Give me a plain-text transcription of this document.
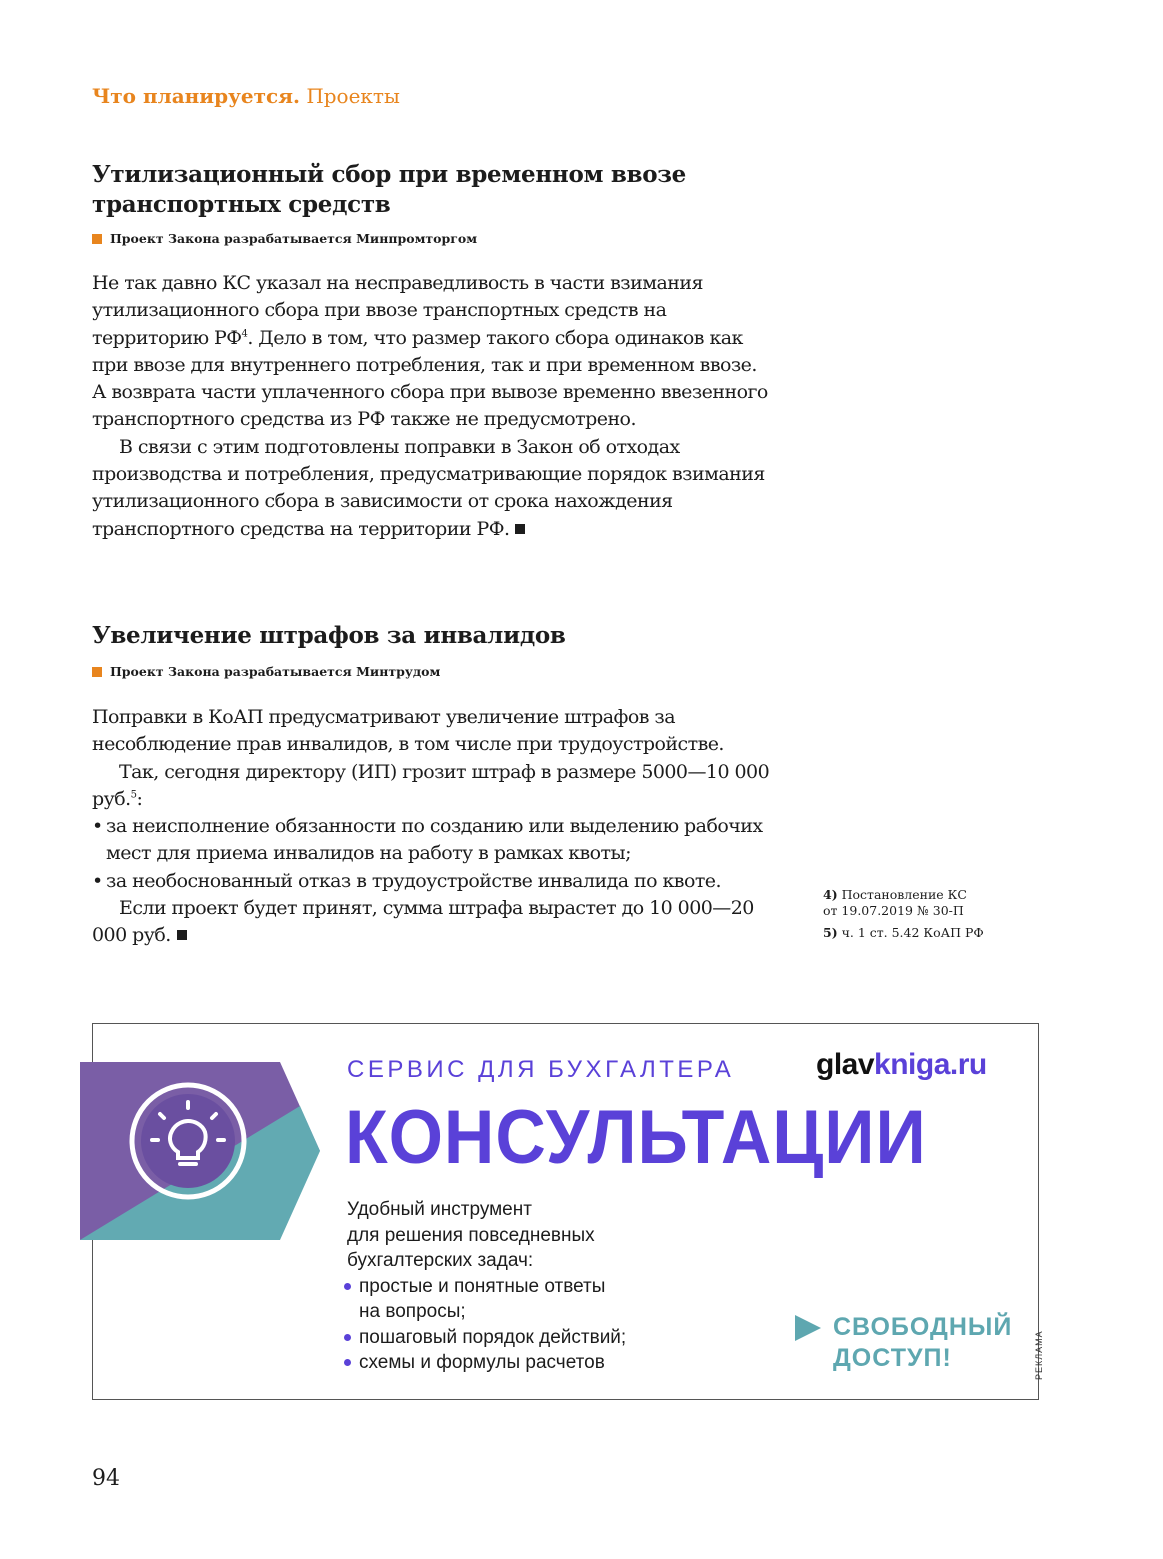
Что планируется. Проекты
Утилизационный сбор при временном ввозе
транспортных средств
Проект Закона разрабатывается Минпромторгом

Не так давно КС указал на несправедливость в части взимания утилизационного сбора при ввозе транспортных средств на территорию $РФ^4$. Дело в том, что размер такого сбора одинаков как при ввозе для внутреннего потребления, так и при временном ввозе. А возврата части уплаченного сбора при вывозе временно ввезенного транспортного средства из РФ также не предусмотрено.

В связи с этим подготовлены поправки в Закон об отходах производства и потребления, предусматривающие порядок взимания утилизационного сбора в зависимости от срока нахождения транспортного средства на территории РФ.

Увеличение штрафов за инвалидов
Проект Закона разрабатывается Минтрудом

Поправки в КоАП предусматривают увеличение штрафов за несоблюдение прав инвалидов, в том числе при трудоустройстве.

Так, сегодня директору (ИП) грозит штраф в размере 5000—10 000 руб.$^5$:

• за неисполнение обязанности по созданию или выделению рабочих мест для приема инвалидов на работу в рамках квоты;
• за необоснованный отказ в трудоустройстве инвалида по квоте.

Если проект будет принят, сумма штрафа вырастет до 10 000—20 000 руб.

4) Постановление КС
от 19.07.2019 № 30-П
5) ч. 1 ст. 5.42 КоАП РФ
СЕРВИС ДЛЯ БУХГАЛТЕРА	glavkniga.ru
КОНСУЛЬТАЦИИ

Удобный инструмент

для решения повседневных

бухгалтерских задач:

простые и понятные ответы
на вопросы;
пошаговый порядок действий;
схемы и формулы расчетов
СВОБОДНЫЙ
ДОСТУП!	РЕКЛАМА
94
